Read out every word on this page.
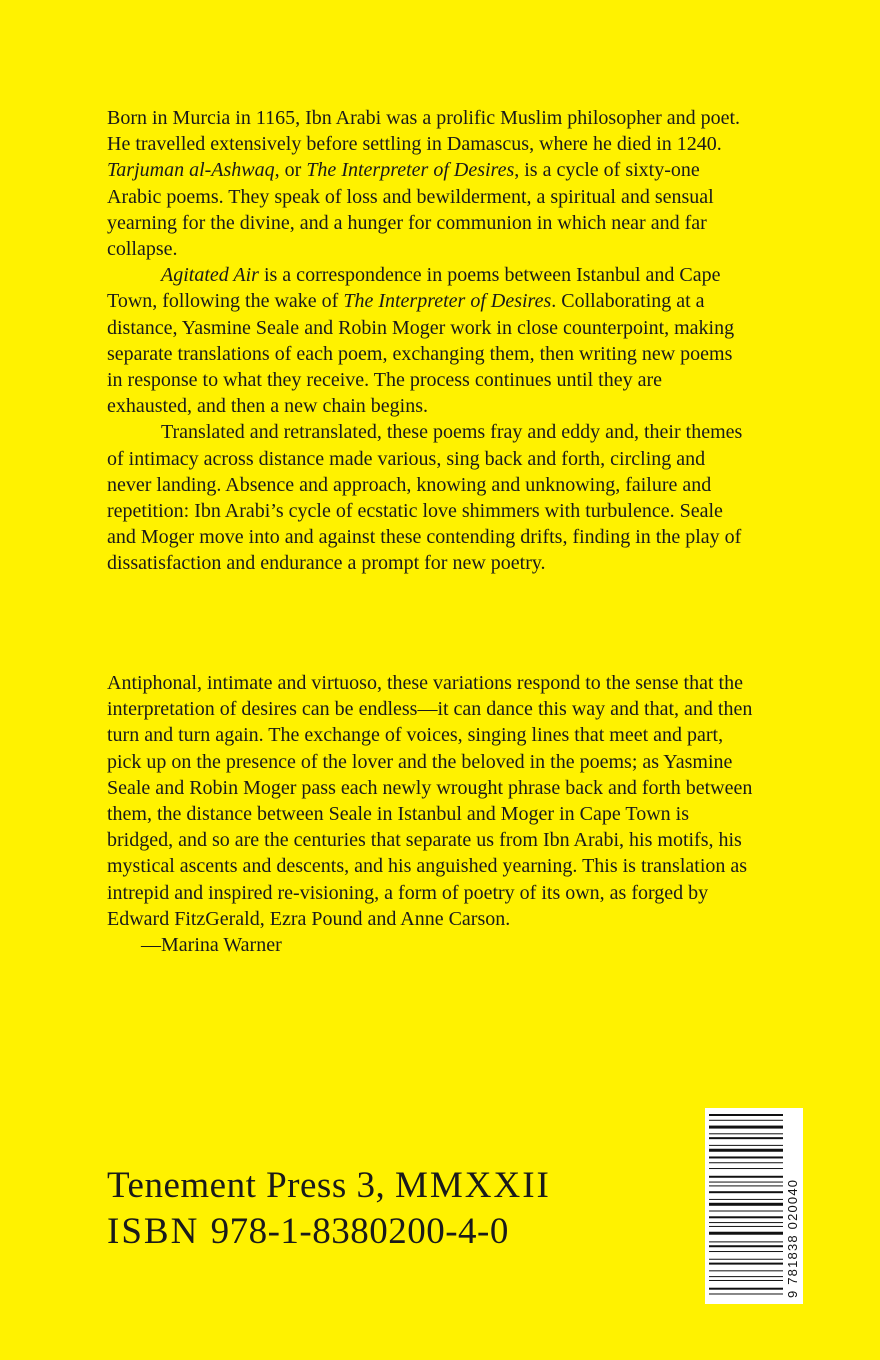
Born in Murcia in 1165, Ibn Arabi was a prolific Muslim philosopher and poet. He travelled extensively before settling in Damascus, where he died in 1240. Tarjuman al-Ashwaq, or The Interpreter of Desires, is a cycle of sixty-one Arabic poems. They speak of loss and bewilderment, a spiritual and sensual yearning for the divine, and a hunger for communion in which near and far collapse.

Agitated Air is a correspondence in poems between Istanbul and Cape Town, following the wake of The Interpreter of Desires. Collaborating at a distance, Yasmine Seale and Robin Moger work in close counterpoint, making separate translations of each poem, exchanging them, then writing new poems in response to what they receive. The process continues until they are exhausted, and then a new chain begins.

Translated and retranslated, these poems fray and eddy and, their themes of intimacy across distance made various, sing back and forth, circling and never landing. Absence and approach, knowing and unknowing, failure and repetition: Ibn Arabi’s cycle of ecstatic love shimmers with turbulence. Seale and Moger move into and against these contending drifts, finding in the play of dissatisfaction and endurance a prompt for new poetry.

Antiphonal, intimate and virtuoso, these variations respond to the sense that the interpretation of desires can be endless—it can dance this way and that, and then turn and turn again. The exchange of voices, singing lines that meet and part, pick up on the presence of the lover and the beloved in the poems; as Yasmine Seale and Robin Moger pass each newly wrought phrase back and forth between them, the distance between Seale in Istanbul and Moger in Cape Town is bridged, and so are the centuries that separate us from Ibn Arabi, his motifs, his mystical ascents and descents, and his anguished yearning. This is translation as intrepid and inspired re-visioning, a form of poetry of its own, as forged by Edward FitzGerald, Ezra Pound and Anne Carson.

—Marina Warner

Tenement Press 3, MMXXII
ISBN 978-1-8380200-4-0	9 781838 020040
